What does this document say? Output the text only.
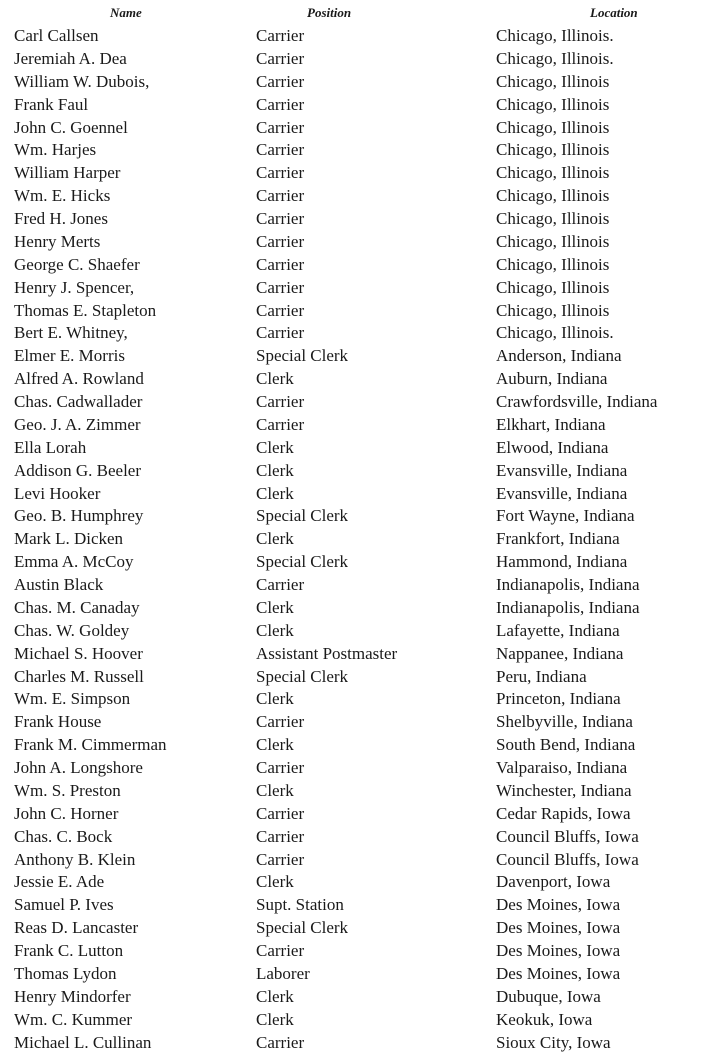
Name	Position	Location
Carl Callsen	Carrier	Chicago, Illinois.
Jeremiah A. Dea	Carrier	Chicago, Illinois.
William W. Dubois,	Carrier	Chicago, Illinois
Frank Faul	Carrier	Chicago, Illinois
John C. Goennel	Carrier	Chicago, Illinois
Wm. Harjes	Carrier	Chicago, Illinois
William Harper	Carrier	Chicago, Illinois
Wm. E. Hicks	Carrier	Chicago, Illinois
Fred H. Jones	Carrier	Chicago, Illinois
Henry Merts	Carrier	Chicago, Illinois
George C. Shaefer	Carrier	Chicago, Illinois
Henry J. Spencer,	Carrier	Chicago, Illinois
Thomas E. Stapleton	Carrier	Chicago, Illinois
Bert E. Whitney,	Carrier	Chicago, Illinois.
Elmer E. Morris	Special Clerk	Anderson, Indiana
Alfred A. Rowland	Clerk	Auburn, Indiana
Chas. Cadwallader	Carrier	Crawfordsville, Indiana
Geo. J. A. Zimmer	Carrier	Elkhart, Indiana
Ella Lorah	Clerk	Elwood, Indiana
Addison G. Beeler	Clerk	Evansville, Indiana
Levi Hooker	Clerk	Evansville, Indiana
Geo. B. Humphrey	Special Clerk	Fort Wayne, Indiana
Mark L. Dicken	Clerk	Frankfort, Indiana
Emma A. McCoy	Special Clerk	Hammond, Indiana
Austin Black	Carrier	Indianapolis, Indiana
Chas. M. Canaday	Clerk	Indianapolis, Indiana
Chas. W. Goldey	Clerk	Lafayette, Indiana
Michael S. Hoover	Assistant Postmaster	Nappanee, Indiana
Charles M. Russell	Special Clerk	Peru, Indiana
Wm. E. Simpson	Clerk	Princeton, Indiana
Frank House	Carrier	Shelbyville, Indiana
Frank M. Cimmerman	Clerk	South Bend, Indiana
John A. Longshore	Carrier	Valparaiso, Indiana
Wm. S. Preston	Clerk	Winchester, Indiana
John C. Horner	Carrier	Cedar Rapids, Iowa
Chas. C. Bock	Carrier	Council Bluffs, Iowa
Anthony B. Klein	Carrier	Council Bluffs, Iowa
Jessie E. Ade	Clerk	Davenport, Iowa
Samuel P. Ives	Supt. Station	Des Moines, Iowa
Reas D. Lancaster	Special Clerk	Des Moines, Iowa
Frank C. Lutton	Carrier	Des Moines, Iowa
Thomas Lydon	Laborer	Des Moines, Iowa
Henry Mindorfer	Clerk	Dubuque, Iowa
Wm. C. Kummer	Clerk	Keokuk, Iowa
Michael L. Cullinan	Carrier	Sioux City, Iowa
